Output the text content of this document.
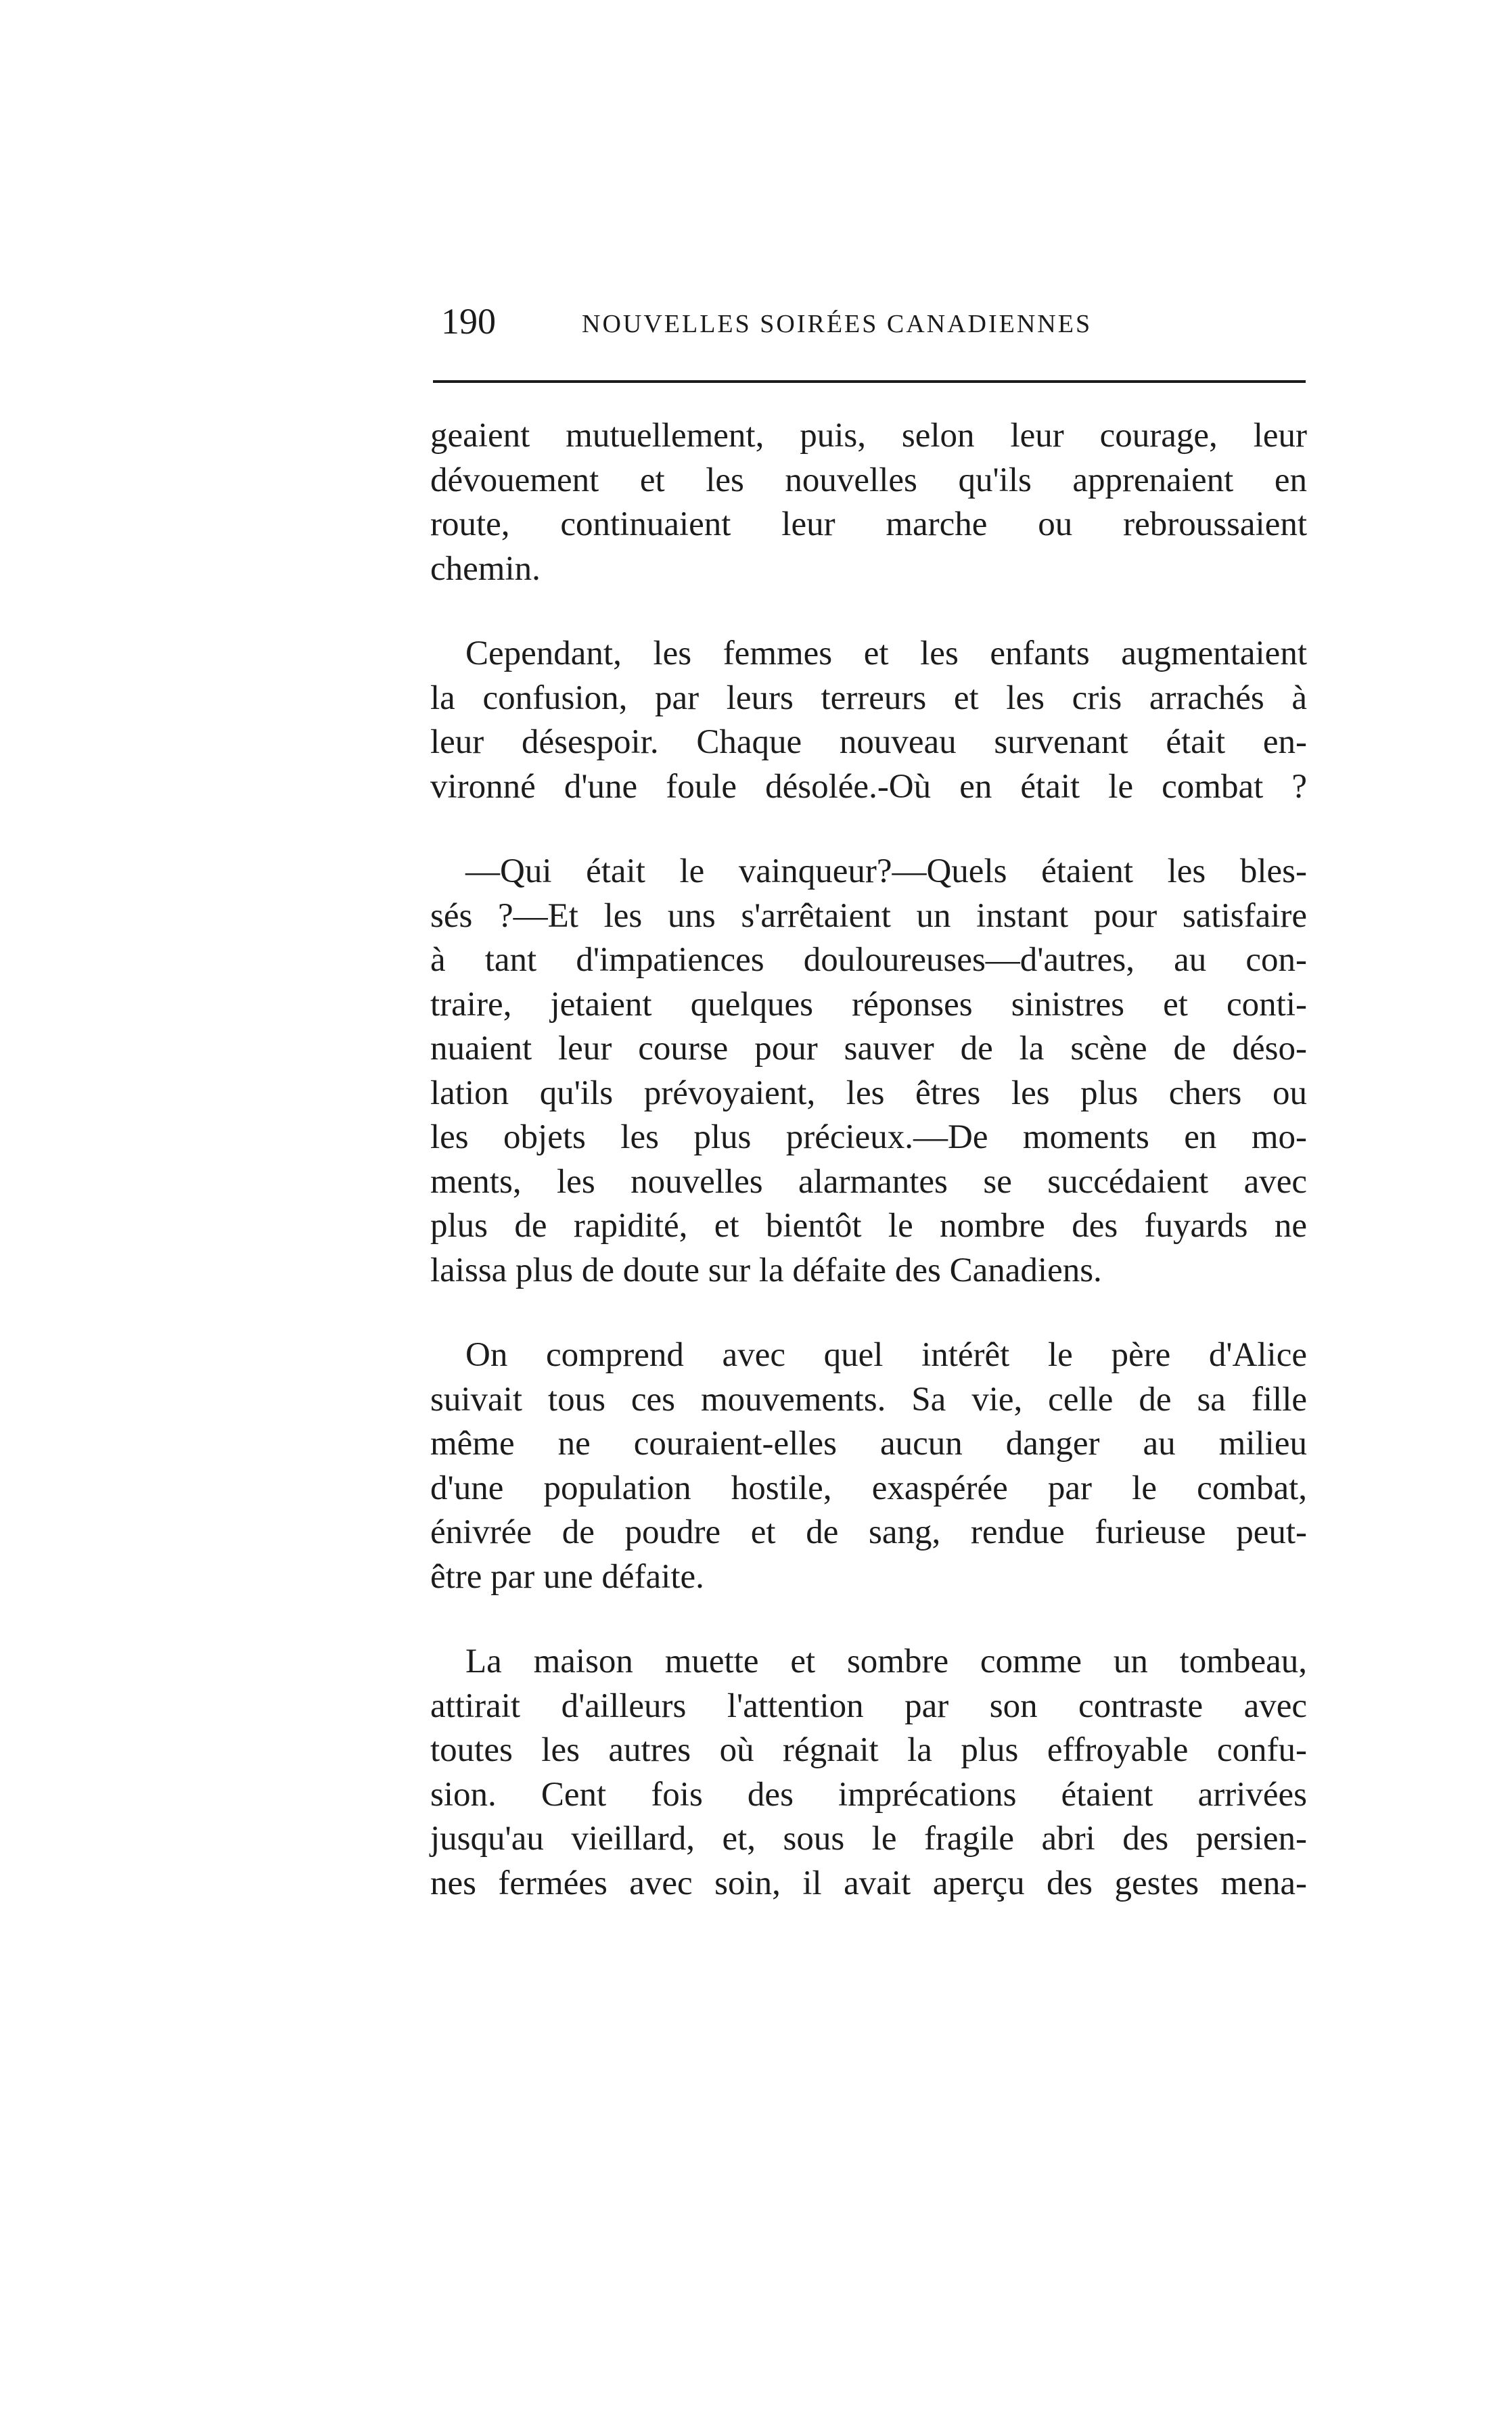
190	NOUVELLES SOIRÉES CANADIENNES

geaient mutuellement, puis, selon leur courage, leur
dévouement et les nouvelles qu'ils apprenaient en
route, continuaient leur marche ou rebroussaient
chemin.

Cependant, les femmes et les enfants augmentaient
la confusion, par leurs terreurs et les cris arrachés à
leur désespoir. Chaque nouveau survenant était en-
vironné d'une foule désolée.-Où en était le combat ?

—Qui était le vainqueur?—Quels étaient les bles-
sés ?—Et les uns s'arrêtaient un instant pour satisfaire
à tant d'impatiences douloureuses—d'autres, au con-
traire, jetaient quelques réponses sinistres et conti-
nuaient leur course pour sauver de la scène de déso-
lation qu'ils prévoyaient, les êtres les plus chers ou
les objets les plus précieux.—De moments en mo-
ments, les nouvelles alarmantes se succédaient avec
plus de rapidité, et bientôt le nombre des fuyards ne
laissa plus de doute sur la défaite des Canadiens.

On comprend avec quel intérêt le père d'Alice
suivait tous ces mouvements. Sa vie, celle de sa fille
même ne couraient-elles aucun danger au milieu
d'une population hostile, exaspérée par le combat,
énivrée de poudre et de sang, rendue furieuse peut-
être par une défaite.

La maison muette et sombre comme un tombeau,
attirait d'ailleurs l'attention par son contraste avec
toutes les autres où régnait la plus effroyable confu-
sion. Cent fois des imprécations étaient arrivées
jusqu'au vieillard, et, sous le fragile abri des persien-
nes fermées avec soin, il avait aperçu des gestes mena-
